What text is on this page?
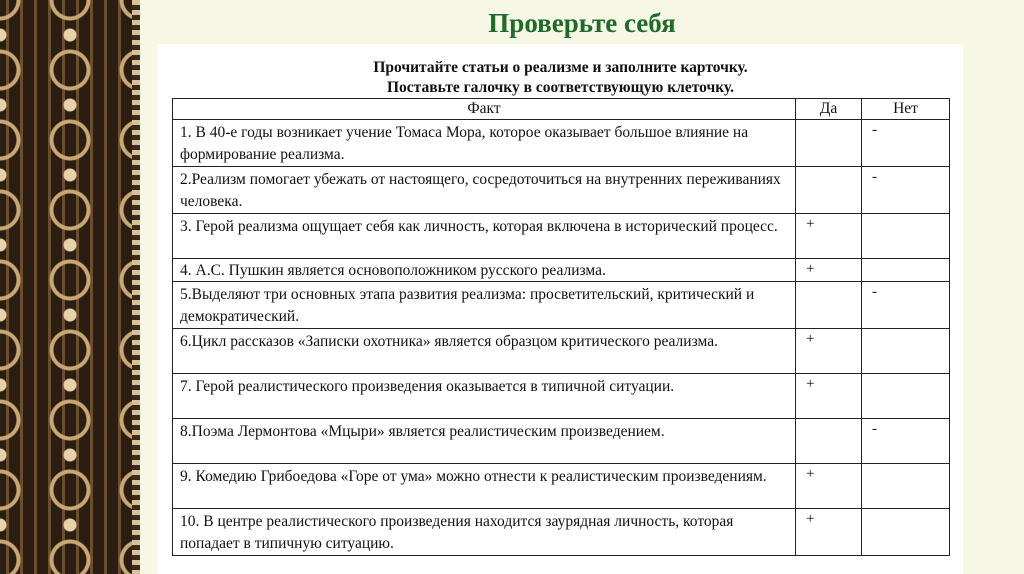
Проверьте себя
Прочитайте статьи о реализме и заполните карточку.
Поставьте галочку в соответствующую клеточку.
Факт	Да	Нет
1. В 40-е годы возникает учение Томаса Мора, которое оказывает большое влияние на формирование реализма.		-
2.Реализм помогает убежать от настоящего, сосредоточиться на внутренних переживаниях человека.		-
3. Герой реализма ощущает себя как личность, которая включена в исторический процесс.	+	
4. А.С. Пушкин является основоположником русского реализма.	+	
5.Выделяют три основных этапа развития реализма: просветительский, критический и демократический.		-
6.Цикл рассказов «Записки охотника» является образцом критического реализма.	+	
7. Герой реалистического произведения оказывается в типичной ситуации.	+	
8.Поэма Лермонтова «Мцыри» является реалистическим произведением.		-
9. Комедию Грибоедова «Горе от ума» можно отнести к реалистическим произведениям.	+	
10. В центре реалистического произведения находится заурядная личность, которая попадает в типичную ситуацию.	+	
